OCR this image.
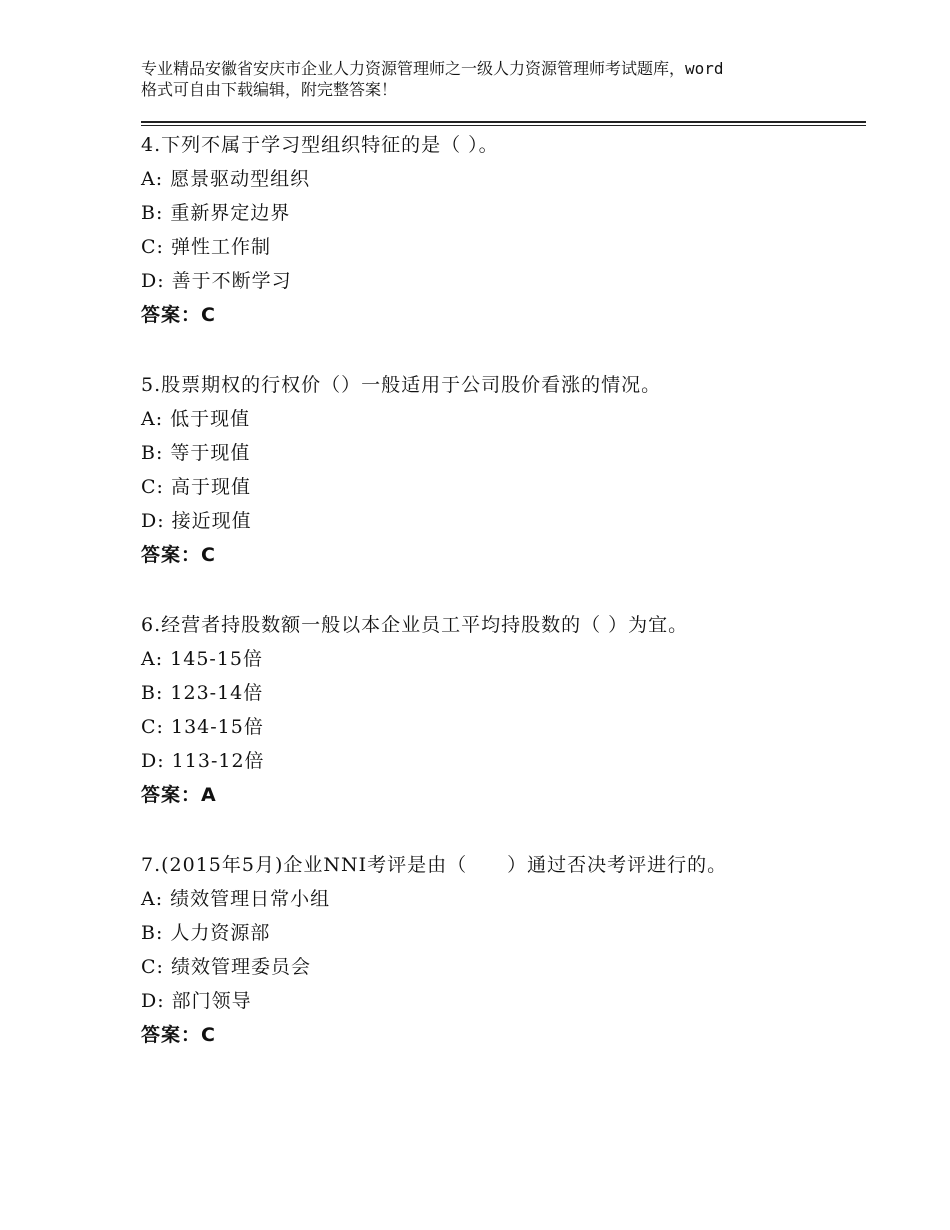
专业精品安徽省安庆市企业人力资源管理师之一级人力资源管理师考试题库，word
格式可自由下载编辑，附完整答案！
4.下列不属于学习型组织特征的是（ ）。
A: 愿景驱动型组织
B: 重新界定边界
C: 弹性工作制
D: 善于不断学习
答案：C
5.股票期权的行权价（）一般适用于公司股价看涨的情况。
A: 低于现值
B: 等于现值
C: 高于现值
D: 接近现值
答案：C
6.经营者持股数额一般以本企业员工平均持股数的（ ）为宜。
A: 145-15倍
B: 123-14倍
C: 134-15倍
D: 113-12倍
答案：A
7.(2015年5月)企业NNI考评是由（　　）通过否决考评进行的。
A: 绩效管理日常小组
B: 人力资源部
C: 绩效管理委员会
D: 部门领导
答案：C
